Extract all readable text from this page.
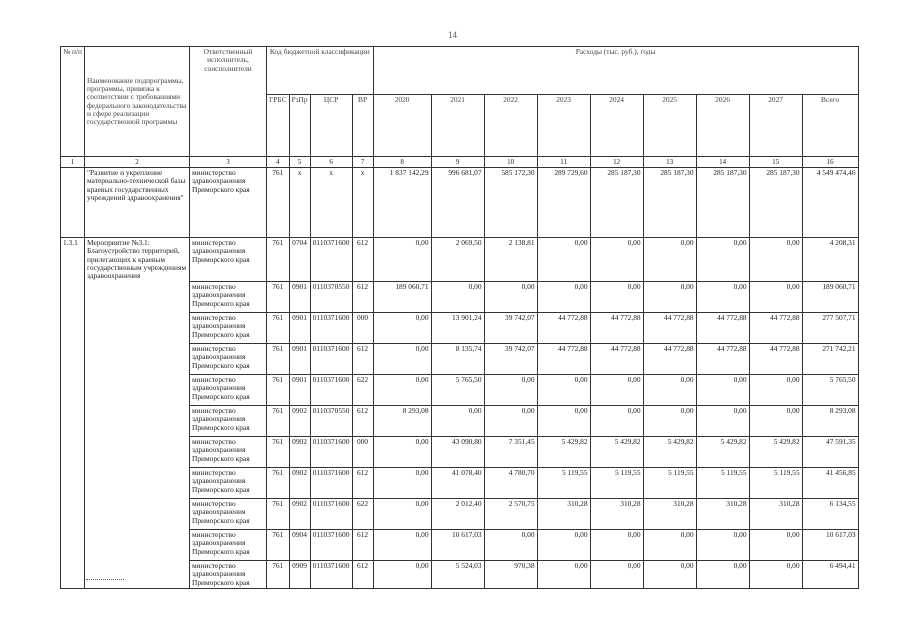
14
№ п/п	Наименование подпрограммы, программы, привязка к соответствии с требованиями федерального законодательства и сфере реализации государственной программы	Ответственный исполнитель, соисполнители	Код бюджетной классификации				Расходы (тыс. руб.), годы								
			ГРБС	РзПр	ЦСР	ВР	2020	2021	2022	2023	2024	2025	2026	2027	Всего
1	2	3	4	5	6	7	8	9	10	11	12	13	14	15	16
	"Развитие и укрепление материально-технической базы краевых государственных учреждений здравоохранения"	министерство здравоохранения Приморского края	761	х	х	х	1 837 142,29	996 681,07	585 172,30	289 729,60	285 187,30	285 187,30	285 187,30	285 187,30	4 549 474,46
1.3.1	Мероприятие №3.1: Благоустройство территорий, прилегающих к краевым государственным учреждениям здравоохранения	министерство здравоохранения Приморского края	761	0704	0110371600	612	0,00	2 069,50	2 138,81	0,00	0,00	0,00	0,00	0,00	4 208,31
		министерство здравоохранения Приморского края	761	0901	0110370550	612	189 060,71	0,00	0,00	0,00	0,00	0,00	0,00	0,00	189 060,71
		министерство здравоохранения Приморского края	761	0901	0110371600	000	0,00	13 901,24	39 742,07	44 772,88	44 772,88	44 772,88	44 772,88	44 772,88	277 507,71
		министерство здравоохранения Приморского края	761	0901	0110371600	612	0,00	8 135,74	39 742,07	44 772,88	44 772,88	44 772,88	44 772,88	44 772,88	271 742,21
		министерство здравоохранения Приморского края	761	0901	0110371600	622	0,00	5 765,50	0,00	0,00	0,00	0,00	0,00	0,00	5 765,50
		министерство здравоохранения Приморского края	761	0902	0110370550	612	8 293,08	0,00	0,00	0,00	0,00	0,00	0,00	0,00	8 293,08
		министерство здравоохранения Приморского края	761	0902	0110371600	000	0,00	43 090,80	7 351,45	5 429,82	5 429,82	5 429,82	5 429,82	5 429,82	47 591,35
		министерство здравоохранения Приморского края	761	0902	0110371600	612	0,00	41 078,40	4 780,70	5 119,55	5 119,55	5 119,55	5 119,55	5 119,55	41 456,85
		министерство здравоохранения Приморского края	761	0902	0110371600	622	0,00	2 012,40	2 570,75	310,28	310,28	310,28	310,28	310,28	6 134,55
		министерство здравоохранения Приморского края	761	0904	0110371600	612	0,00	10 617,03	0,00	0,00	0,00	0,00	0,00	0,00	10 617,03
		министерство здравоохранения Приморского края	761	0909	0110371600	612	0,00	5 524,03	970,38	0,00	0,00	0,00	0,00	0,00	6 494,41
